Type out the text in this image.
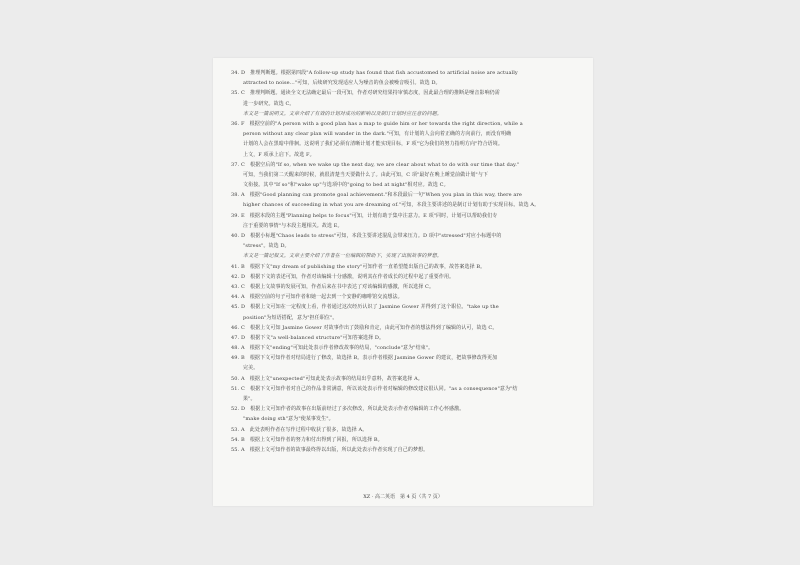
34. D　推理判断题。根据第四段"A follow-up study has found that fish accustomed to artificial noise are actually
attracted to noise..."可知，后续研究发现适应人为噪音的鱼会被噪音吸引。故选 D。
35. C　推理判断题。通读全文无法确定最后一段可知，作者对研究结果持审慎态度，因此最合理的推断是噪音影响仍需
进一步研究。故选 C。
本文是一篇说明文。文章介绍了有效的计划对成功的影响以及制订计划时应注意的问题。
36. F　根据空前的"A person with a good plan has a map to guide him or her towards the right direction, while a
person without any clear plan will wander in the dark."可知，有计划的人会向着正确的方向前行，而没有明确
计划的人会在黑暗中徘徊。这说明了我们必须有清晰计划才能实现目标，F 项"它为我们的努力指明方向"符合语境。
上文，F 项承上启下。故选 F。
37. C　根据空后的"If so, when we wake up the next day, we are clear about what to do with our time that day."
可知，当我们第二天醒来的时候，就很清楚当天要做什么了。由此可知，C 项"最好在晚上睡觉前做计划"与下
文衔接。其中"If so"和"wake up"与选项中的"going to bed at night"相对应。故选 C。
38. A　根据"Good planning can promote goal achievement."和本段最后一句"When you plan in this way, there are
higher chances of succeeding in what you are dreaming of."可知，本段主要讲述的是制订计划有助于实现目标。故选 A。
39. E　根据本段的主题"Planning helps to focus"可知，计划有助于集中注意力。E 项"同时，计划可以帮助我们专
注于重要的事情"与本段主题相关。故选 E。
40. D　根据小标题"Chaos leads to stress"可知，本段主要讲述混乱会带来压力。D 项中"stressed"对应小标题中的
"stress"。故选 D。
本文是一篇记叙文。文章主要介绍了作者在一位编辑的帮助下，实现了出版故事的梦想。
41. B　根据下文"my dream of publishing the story"可知作者一直希望能出版自己的故事，故答案选择 B。
42. D　根据下文的表述可知，作者对该编辑十分感激，说明其在作者成长的过程中起了重要作用。
43. C　根据上文故事的发展可知，作者后来在书中表达了对该编辑的感激，所以选择 C。
44. A　根据空前的句子可知作者和她一起去到一个安静的咖啡馆交流想法。
45. D　根据上文可知在一定程度上看，作者通过这次经历认识了 Jasmine Gower 并得到了这个职位。"take up the
position"为短语搭配，意为"担任职位"。
46. C　根据上文可知 Jasmine Gower 对故事作出了鼓励和肯定，由此可知作者的想法得到了编辑的认可，故选 C。
47. D　根据下文"a well-balanced structure"可知答案选择 D。
48. A　根据下文"ending"可知此处表示作者修改故事的结局，"conclude"意为"结束"。
49. B　根据下文可知作者对结局进行了修改，故选择 B。表示作者根据 Jasmine Gower 的建议，把故事修改得更加
完美。
50. A　根据上文"unexpected"可知此处表示故事的结局出乎意料，故答案选择 A。
51. C　根据下文可知作者对自己的作品非常满意，所以该处表示作者对编辑的修改建议很认同。"as a consequence"意为"结
果"。
52. D　根据上文可知作者的故事在出版前经过了多次修改，所以此处表示作者对编辑的工作心怀感激。
"make doing sth"意为"使某事发生"。
53. A　此处表明作者在写作过程中收获了很多，故选择 A。
54. B　根据上文可知作者的努力和付出得到了回报，所以选择 B。
55. A　根据上文可知作者的故事最终得以出版，所以此处表示作者实现了自己的梦想。
XZ · 高二英语　第 4 页（共 7 页）
